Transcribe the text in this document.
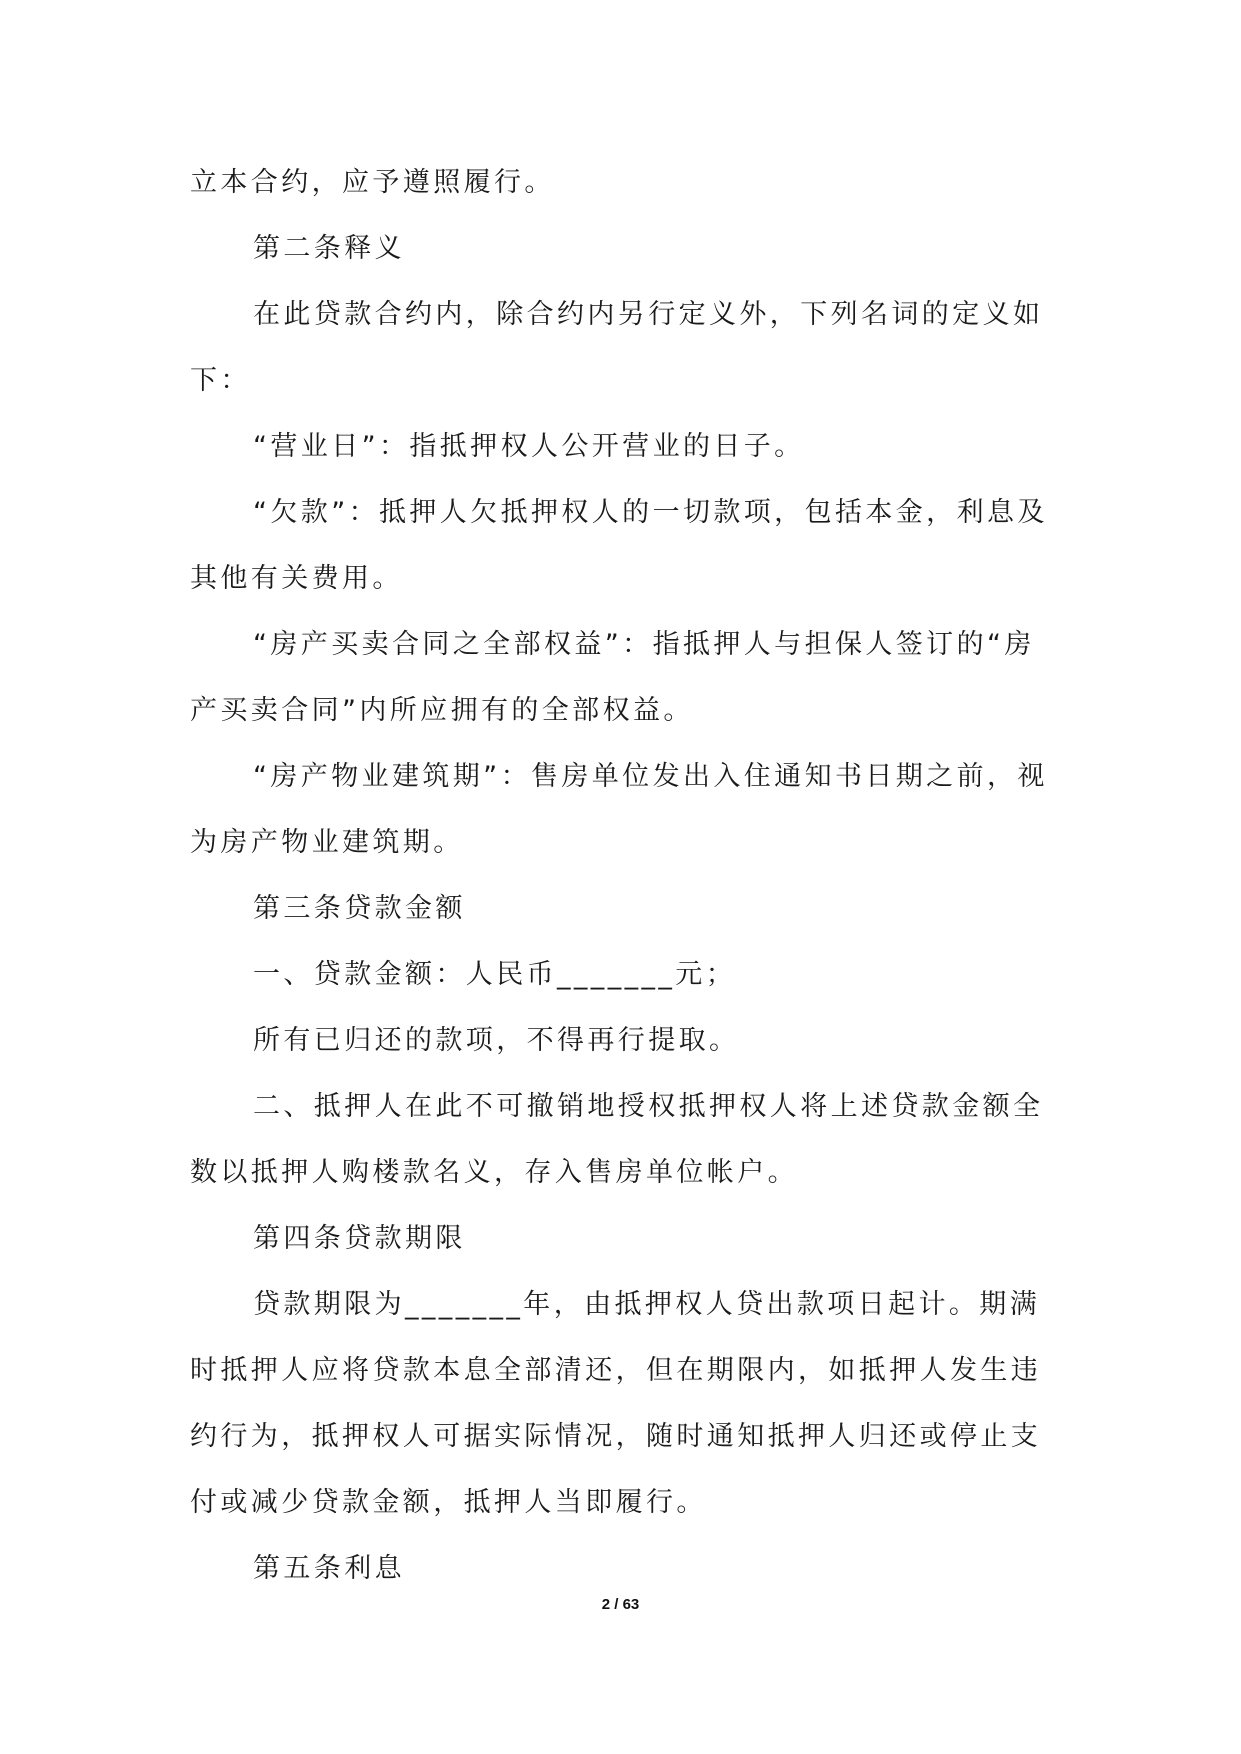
立本合约，应予遵照履行。

第二条释义

在此贷款合约内，除合约内另行定义外，下列名词的定义如下：

“营业日”：指抵押权人公开营业的日子。

“欠款”：抵押人欠抵押权人的一切款项，包括本金，利息及其他有关费用。

“房产买卖合同之全部权益”：指抵押人与担保人签订的“房产买卖合同”内所应拥有的全部权益。

“房产物业建筑期”：售房单位发出入住通知书日期之前，视为房产物业建筑期。

第三条贷款金额

一、贷款金额：人民币_______元；

所有已归还的款项，不得再行提取。

二、抵押人在此不可撤销地授权抵押权人将上述贷款金额全数以抵押人购楼款名义，存入售房单位帐户。

第四条贷款期限

贷款期限为_______年，由抵押权人贷出款项日起计。期满时抵押人应将贷款本息全部清还，但在期限内，如抵押人发生违约行为，抵押权人可据实际情况，随时通知抵押人归还或停止支付或减少贷款金额，抵押人当即履行。

第五条利息

2 / 63
